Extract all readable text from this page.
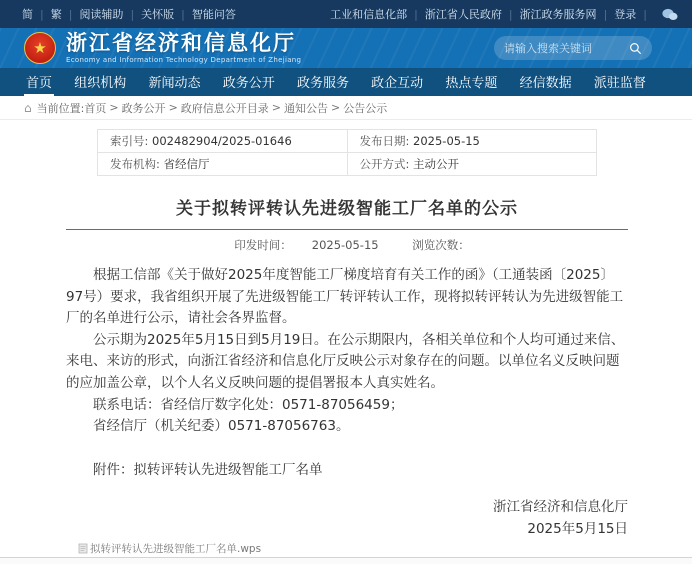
简 | 繁 | 阅读辅助 | 关怀版 | 智能问答	工业和信息化部 | 浙江省人民政府 | 浙江政务服务网 | 登录 |
★ 浙江省经济和信息化厅
Economy and Information Technology Department of Zhejiang
请输入搜索关键词
首页 组织机构 新闻动态 政务公开 政务服务 政企互动 热点专题 经信数据 派驻监督
⌂ 当前位置: 首页 > 政务公开 > 政府信息公开目录 > 通知公告 > 公告公示
索引号: 002482904/2025-01646	发布日期: 2025-05-15
发布机构: 省经信厅	公开方式: 主动公开
关于拟转评转认先进级智能工厂名单的公示
印发时间： 2025-05-15	浏览次数：

根据工信部《关于做好2025年度智能工厂梯度培育有关工作的函》（工通装函〔2025〕97号）要求，我省组织开展了先进级智能工厂转评转认工作，现将拟转评转认为先进级智能工厂的名单进行公示，请社会各界监督。

公示期为2025年5月15日到5月19日。在公示期限内，各相关单位和个人均可通过来信、来电、来访的形式，向浙江省经济和信息化厅反映公示对象存在的问题。以单位名义反映问题的应加盖公章，以个人名义反映问题的提倡署报本人真实姓名。

联系电话：省经信厅数字化处：0571-87056459；

省经信厅（机关纪委）0571-87056763。

附件：拟转评转认先进级智能工厂名单

浙江省经济和信息化厅
2025年5月15日
拟转评转认先进级智能工厂名单.wps
